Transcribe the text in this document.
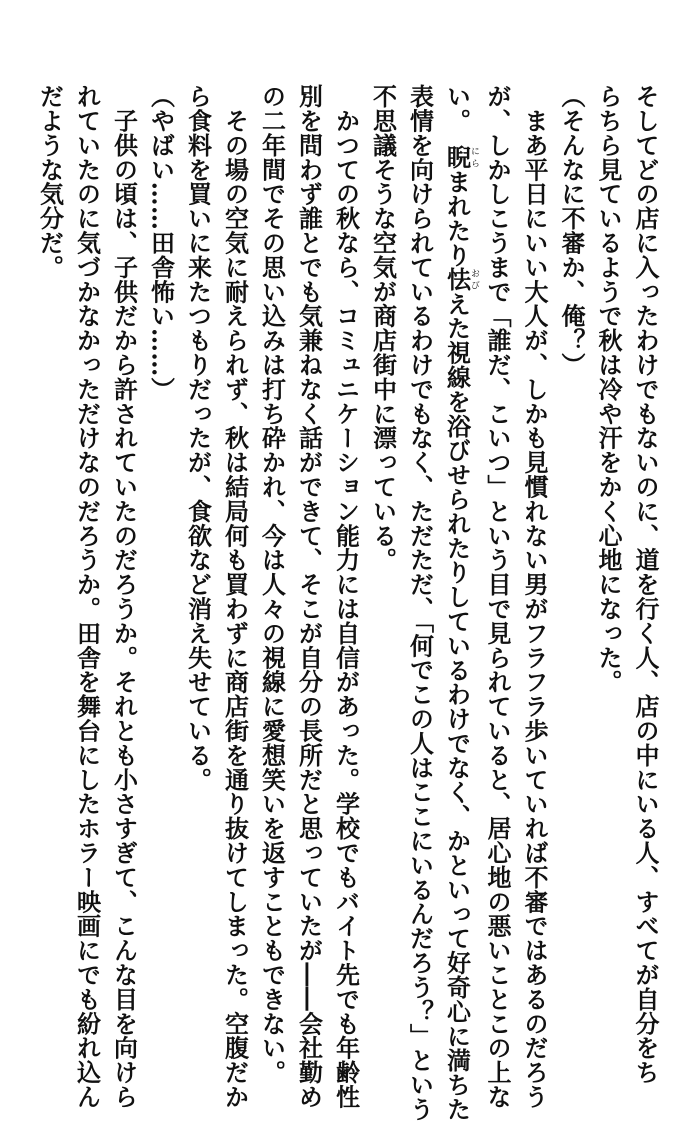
そしてどの店に入ったわけでもないのに、道を行く人、店の中にいる人、すべてが自分をち
らちら見ているようで秋は冷や汗をかく心地になった。
（そんなに不審か、俺？）
　まあ平日にいい大人が、しかも見慣れない男がフラフラ歩いていれば不審ではあるのだろう
が、しかしこうまで「誰だ、こいつ」という目で見られていると、居心地の悪いことこの上な
い。　睨にらまれたり怯おびえた視線を浴びせられたりしているわけでなく、かといって好奇心に満ちた
表情を向けられているわけでもなく、ただただ、「何でこの人はここにいるんだろう？」という
不思議そうな空気が商店街中に漂っている。
　かつての秋なら、コミュニケーション能力には自信があった。学校でもバイト先でも年齢性
別を問わず誰とでも気兼ねなく話ができて、そこが自分の長所だと思っていたが――会社勤め
の二年間でその思い込みは打ち砕かれ、今は人々の視線に愛想笑いを返すこともできない。
　その場の空気に耐えられず、秋は結局何も買わずに商店街を通り抜けてしまった。空腹だか
ら食料を買いに来たつもりだったが、食欲など消え失せている。
（やばい……田舎怖い……）
　子供の頃は、子供だから許されていたのだろうか。それとも小さすぎて、こんな目を向けら
れていたのに気づかなかっただけなのだろうか。田舎を舞台にしたホラー映画にでも紛れ込ん
だような気分だ。
